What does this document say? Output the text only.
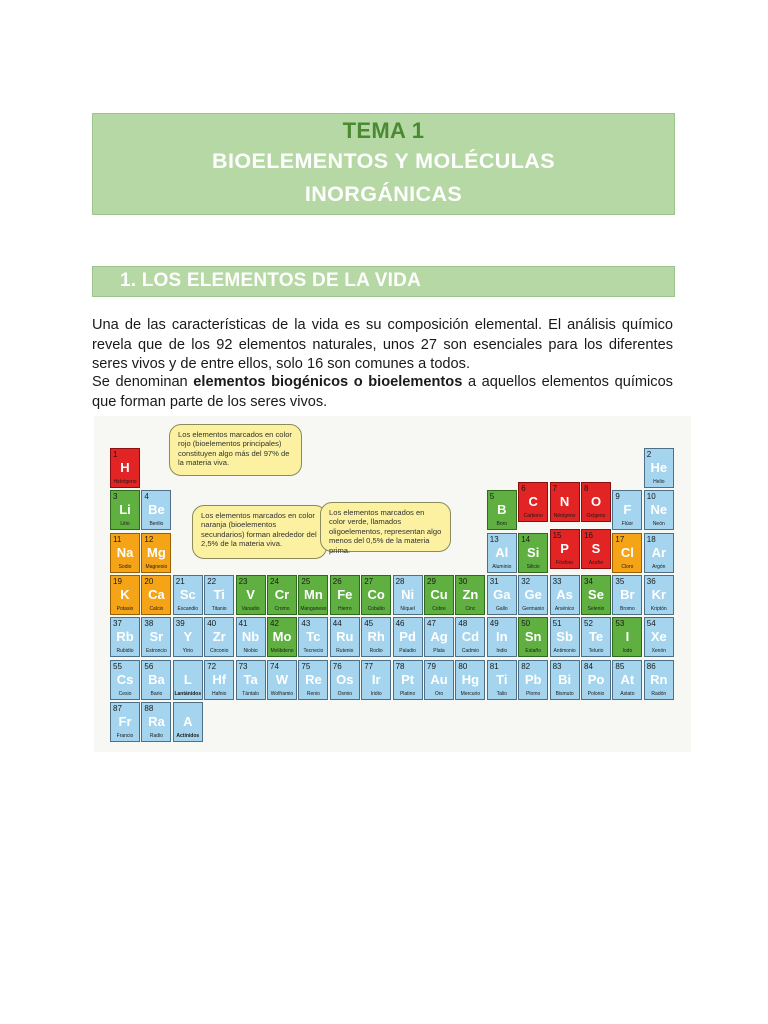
TEMA 1
BIOELEMENTOS Y MOLÉCULAS
INORGÁNICAS
1. LOS ELEMENTOS DE LA VIDA

Una de las características de la vida es su composición elemental. El análisis químico revela que de los 92 elementos naturales, unos 27 son esenciales para los diferentes seres vivos y de entre ellos, solo 16 son comunes a todos.

Se denominan elementos biogénicos o bioelementos a aquellos elementos químicos que forman parte de los seres vivos.

1
H
Hidrógeno
2
He
Helio
3
Li
Litio
4
Be
Berilio
5
B
Boro
6
C
Carbono
7
N
Nitrógeno
8
O
Oxígeno
9
F
Flúor
10
Ne
Neón
11
Na
Sodio
12
Mg
Magnesio
13
Al
Aluminio
14
Si
Silicio
15
P
Fósforo
16
S
Azufre
17
Cl
Cloro
18
Ar
Argón
19
K
Potasio
20
Ca
Calcio
21
Sc
Escandio
22
Ti
Titanio
23
V
Vanadio
24
Cr
Cromo
25
Mn
Manganeso
26
Fe
Hierro
27
Co
Cobalto
28
Ni
Níquel
29
Cu
Cobre
30
Zn
Cinc
31
Ga
Gallo
32
Ge
Germanio
33
As
Arsénico
34
Se
Selenio
35
Br
Bromo
36
Kr
Kriptón
37
Rb
Rubidio
38
Sr
Estroncio
39
Y
Ytrio
40
Zr
Circonio
41
Nb
Niobio
42
Mo
Molibdeno
43
Tc
Tecnecio
44
Ru
Rutenio
45
Rh
Rodio
46
Pd
Paladio
47
Ag
Plata
48
Cd
Cadmio
49
In
Indio
50
Sn
Estaño
51
Sb
Antimonio
52
Te
Telurio
53
I
Iodo
54
Xe
Xenón
55
Cs
Cesio
56
Ba
Bario
L
Lantánidos
72
Hf
Hafnio
73
Ta
Tántalo
74
W
Wolframio
75
Re
Renio
76
Os
Osmio
77
Ir
Iridio
78
Pt
Platino
79
Au
Oro
80
Hg
Mercurio
81
Ti
Talio
82
Pb
Plomo
83
Bi
Bismuto
84
Po
Polonio
85
At
Astato
86
Rn
Radón
87
Fr
Francio
88
Ra
Radio
A
Actínidos
Los elementos marcados en color rojo (bioelementos principales) constituyen algo más del 97% de la materia viva.
Los elementos marcados en color naranja (bioelementos secundarios) forman alrededor del 2,5% de la materia viva.
Los elementos marcados en color verde, llamados oligoelementos, representan algo menos del 0,5% de la materia prima.
